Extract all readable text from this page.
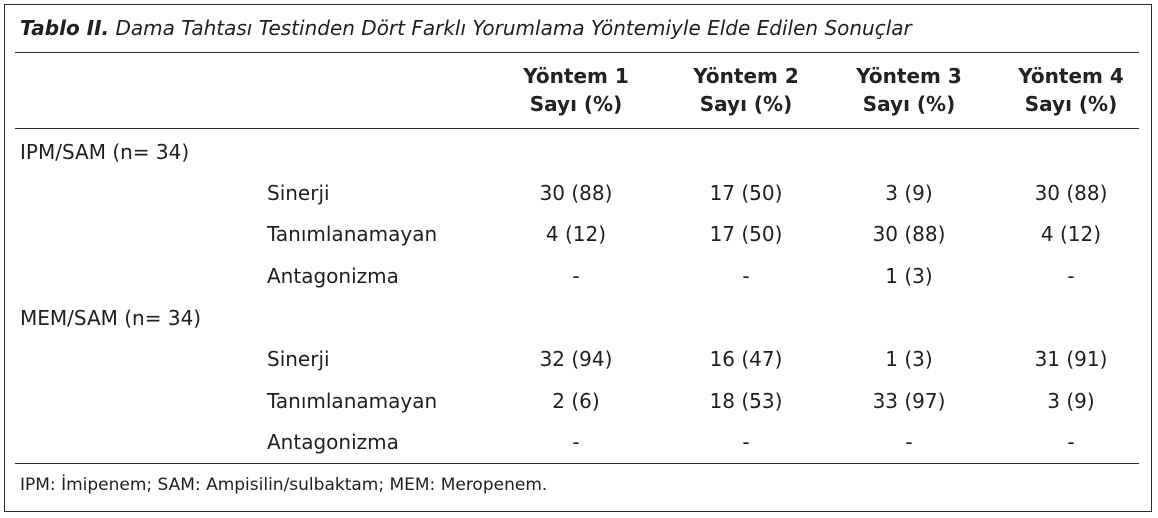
Tablo II. Dama Tahtası Testinden Dört Farklı Yorumlama Yöntemiyle Elde Edilen Sonuçlar
Yöntem 1
Sayı (%)
Yöntem 2
Sayı (%)
Yöntem 3
Sayı (%)
Yöntem 4
Sayı (%)
IPM/SAM (n= 34)
Sinerji	30 (88)	17 (50)	3 (9)	30 (88)
Tanımlanamayan	4 (12)	17 (50)	30 (88)	4 (12)
Antagonizma	-	-	1 (3)	-
MEM/SAM (n= 34)
Sinerji	32 (94)	16 (47)	1 (3)	31 (91)
Tanımlanamayan	2 (6)	18 (53)	33 (97)	3 (9)
Antagonizma	-	-	-	-
IPM: İmipenem; SAM: Ampisilin/sulbaktam; MEM: Meropenem.
